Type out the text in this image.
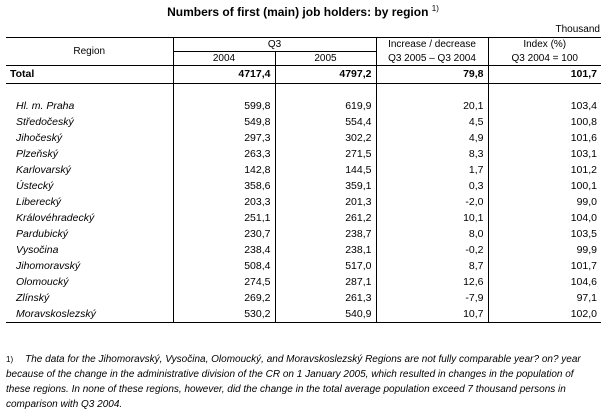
Numbers of first (main) job holders: by region $^{1)}$
Thousand
Region	Q3		Increase / decrease	Index (%)
	2004	2005	Q3 2005 – Q3 2004	Q3 2004 = 100
Total	4717,4	4797,2	79,8	101,7

Hl. m. Praha	599,8	619,9	20,1	103,4
Středočeský	549,8	554,4	4,5	100,8
Jihočeský	297,3	302,2	4,9	101,6
Plzeňský	263,3	271,5	8,3	103,1
Karlovarský	142,8	144,5	1,7	101,2
Ústecký	358,6	359,1	0,3	100,1
Liberecký	203,3	201,3	-2,0	99,0
Královéhradecký	251,1	261,2	10,1	104,0
Pardubický	230,7	238,7	8,0	103,5
Vysočina	238,4	238,1	-0,2	99,9
Jihomoravský	508,4	517,0	8,7	101,7
Olomoucký	274,5	287,1	12,6	104,6
Zlínský	269,2	261,3	-7,9	97,1
Moravskoslezský	530,2	540,9	10,7	102,0
$^{1)}$ The data for the Jihomoravský, Vysočina, Olomoucký, and Moravskoslezský Regions are not fully comparable year? on? year because of the change in the administrative division of the CR on 1 January 2005, which resulted in changes in the population of these regions. In none of these regions, however, did the change in the total average population exceed 7 thousand persons in comparison with Q3 2004.
